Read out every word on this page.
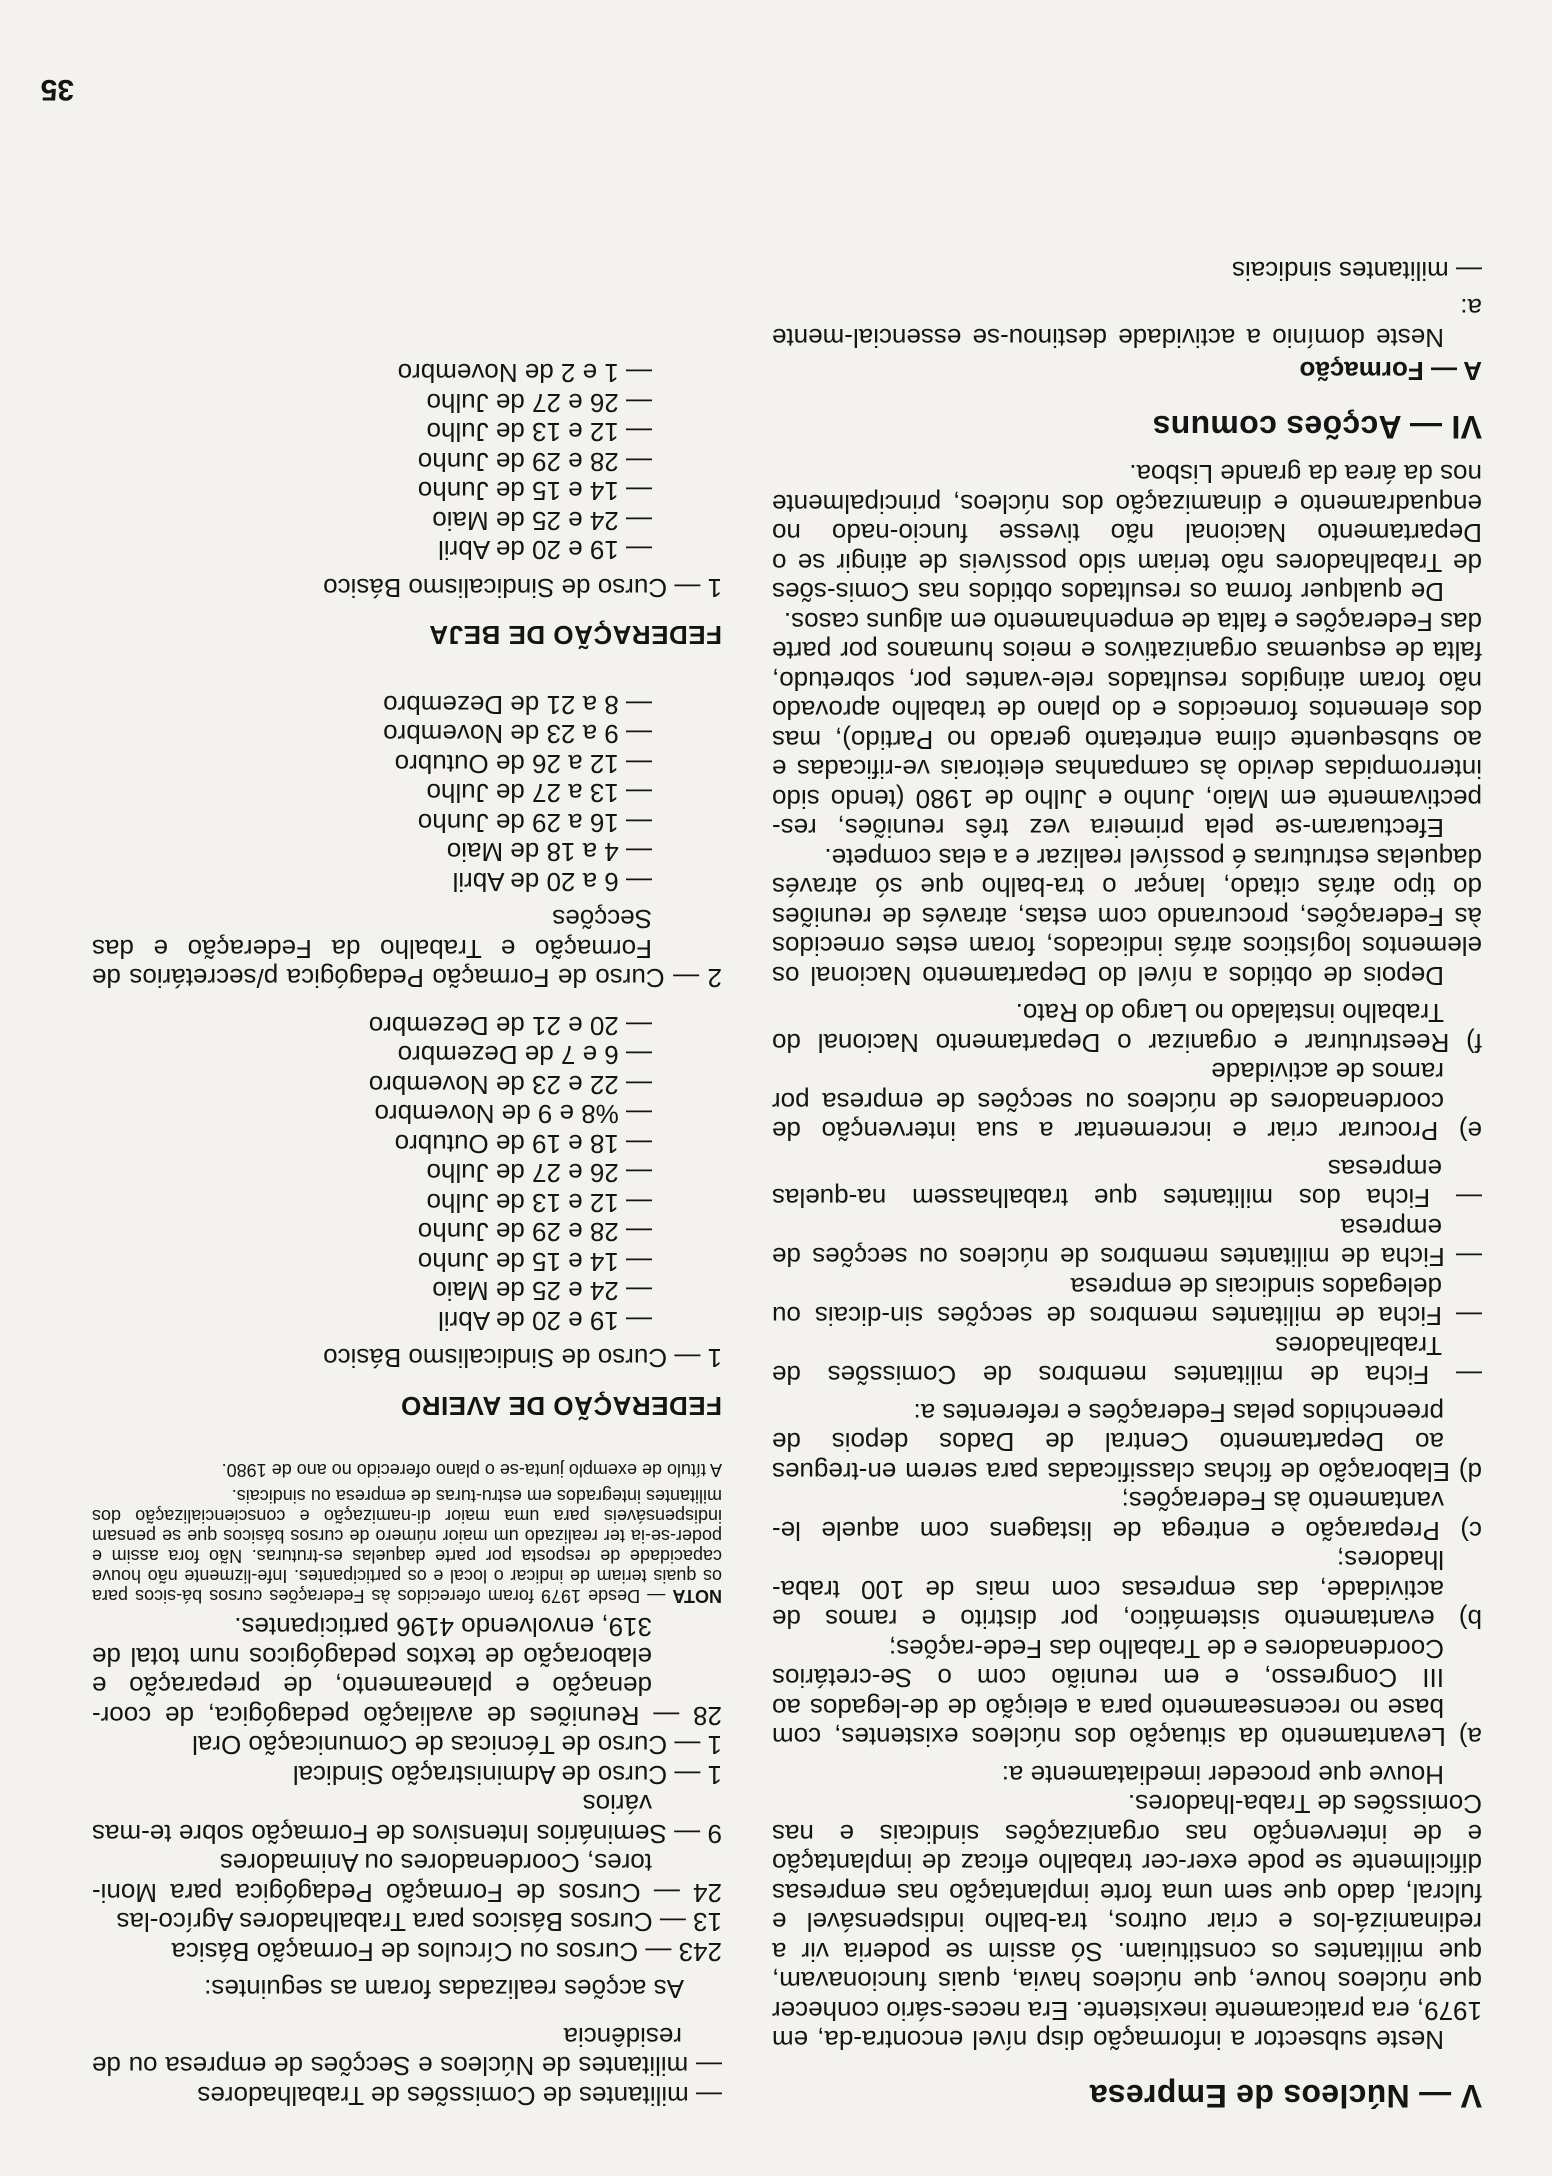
V — Núcleos de Empresa

Neste subsector a informação disp nível encontra-da, em 1979, era praticamente inexistente. Era neces-sário conhecer que núcleos houve, que núcleos havia, quais funcionavam, que militantes os constituiam. Só assim se poderia vir a redinamizá-los e criar outros, tra-balho indispensável e fulcral, dado que sem uma forte implantação nas empresas dificilmente se pode exer-cer trabalho eficaz de implantação e de intervenção nas organizações sindicais e nas Comissões de Traba-lhadores.

Houve que proceder imediatamente a:

a) Levantamento da situação dos núcleos existentes, com base no recenseamento para a eleição de de-legados ao III Congresso, e em reunião com o Se-cretários Coordenadores e de Trabalho das Fede-rações;

b) evantamento sistemático, por distrito e ramos de actividade, das empresas com mais de 100 traba-lhadores;

c) Preparação e entrega de listagens com aquele le-vantamento às Federações;

d) Elaboração de fichas classificadas para serem en-tregues ao Departamento Central de Dados depois de preenchidos pelas Federações e referentes a:

— Ficha de militantes membros de Comissões de Trabalhadores

— Ficha de militantes membros de secções sin-dicais ou delegados sindicais de empresa

— Ficha de militantes membros de núcleos ou secções de empresa

— Ficha dos militantes que trabalhassem na-quelas empresas

e) Procurar criar e incrementar a sua intervenção de coordenadores de núcleos ou secções de empresa por ramos de actividade

f) Reestruturar e organizar o Departamento Nacional do Trabalho instalado no Largo do Rato.

Depois de obtidos a nível do Departamento Nacional os elementos logísticos atrás indicados, foram estes ornecidos às Federações, procurando com estas, através de reuniões do tipo atrás citado, lançar o tra-balho que só através daquelas estruturas é possível realizar e a elas compete.

Efectuaram-se pela primeira vez três reuniões, res-pectivamente em Maio, Junho e Julho de 1980 (tendo sido interrompidas devido às campanhas eleitorais ve-rificadas e ao subsequente clima entretanto gerado no Partido), mas dos elementos fornecidos e do plano de trabalho aprovado não foram atingidos resultados rele-vantes por, sobretudo, falta de esquemas organizativos e meios humanos por parte das Federações e falta de empenhamento em alguns casos.

De qualquer forma os resultados obtidos nas Comis-sões de Trabalhadores não teriam sido possíveis de atingir se o Departamento Nacional não tivesse funcio-nado no enquadramento e dinamização dos núcleos, principalmente nos da área da grande Lisboa.

VI — Acções comuns
A — Formação

Neste domínio a actividade destinou-se essencial-mente a:

— militantes sindicais

— militantes de Comissões de Trabalhadores

— militantes de Núcleos e Secções de empresa ou de residência

As acções realizadas foram as seguintes:

243 — Cursos ou Círculos de Formação Básica

13 — Cursos Básicos para Trabalhadores Agríco-las

24 — Cursos de Formação Pedagógica para Moni-tores, Coordenadores ou Animadores

9 — Seminários Intensivos de Formação sobre te-mas vários

1 — Curso de Administração Sindical

1 — Curso de Técnicas de Comunicação Oral

28 — Reuniões de avaliação pedagógica, de coor-denação e planeamento, de preparação e elaboração de textos pedagógicos num total de 319, envolvendo 4196 participantes.

NOTA — Desde 1979 foram oferecidos às Federações cursos bá-sicos para os quais teriam de indicar o local e os participantes. Infe-lizmente não houve capacidade de resposta por parte daquelas es-truturas. Não fora assim e poder-se-ia ter realizado um maior número de cursos básicos que se pensam indispensáveis para uma maior di-namização e consciencialização dos militantes integrados em estru-turas de empresa ou sindicais.

A título de exemplo junta-se o plano oferecido no ano de 1980.

FEDERAÇÃO DE AVEIRO

1 — Curso de Sindicalismo Básico

— 19 e 20 de Abril

— 24 e 25 de Maio

— 14 e 15 de Junho

— 28 e 29 de Junho

— 12 e 13 de Julho

— 26 e 27 de Julho

— 18 e 19 de Outubro

— %8 e 9 de Novembro

— 22 e 23 de Novembro

— 6 e 7 de Dezembro

— 20 e 21 de Dezembro

2 — Curso de Formação Pedagógica p/secretários de Formação e Trabalho da Federação e das Secções

— 6 a 20 de Abril

— 4 a 18 de Maio

— 16 a 29 de Junho

— 13 a 27 de Julho

— 12 a 26 de Outubro

— 9 a 23 de Novembro

— 8 a 21 de Dezembro

FEDERAÇÃO DE BEJA

1 — Curso de Sindicalismo Básico

— 19 e 20 de Abril

— 24 e 25 de Maio

— 14 e 15 de Junho

— 28 e 29 de Junho

— 12 e 13 de Julho

— 26 e 27 de Julho

— 1 e 2 de Novembro

35
